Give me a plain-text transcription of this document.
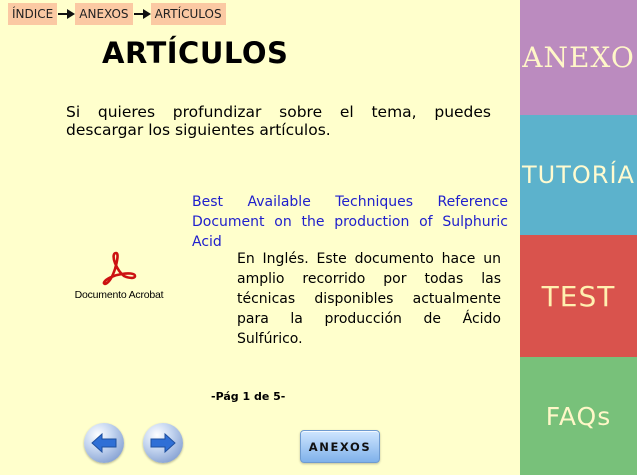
ÍNDICE	ANEXOS	ARTÍCULOS
ARTÍCULOS

Si quieres profundizar sobre el tema, puedes descargar los siguientes artículos.

Documento Acrobat
Best Available Techniques Reference Document on the production of Sulphuric Acid

En Inglés. Este documento hace un amplio recorrido por todas las técnicas disponibles actualmente para la producción de Ácido Sulfúrico.

-Pág 1 de 5-
ANEXOS
ANEXO
TUTORÍA
TEST
FAQs
